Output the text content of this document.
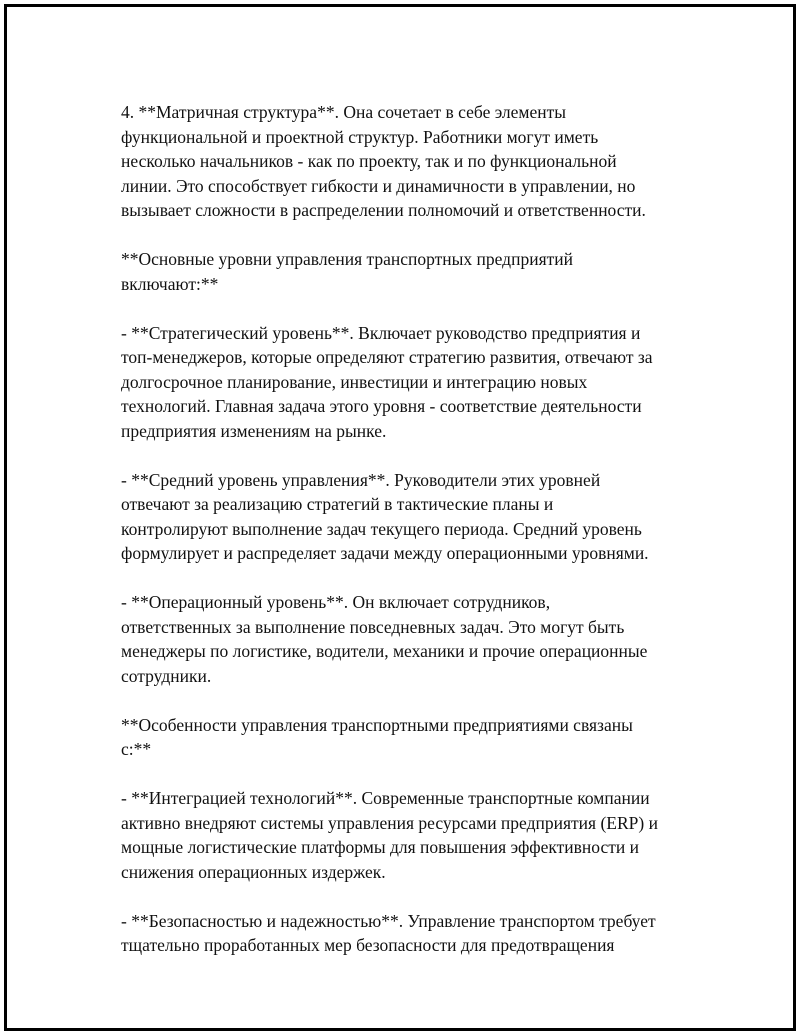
4. **Матричная структура**. Она сочетает в себе элементы
функциональной и проектной структур. Работники могут иметь
несколько начальников - как по проекту, так и по функциональной
линии. Это способствует гибкости и динамичности в управлении, но
вызывает сложности в распределении полномочий и ответственности.

**Основные уровни управления транспортных предприятий
включают:**

- **Стратегический уровень**. Включает руководство предприятия и
топ-менеджеров, которые определяют стратегию развития, отвечают за
долгосрочное планирование, инвестиции и интеграцию новых
технологий. Главная задача этого уровня - соответствие деятельности
предприятия изменениям на рынке.

- **Средний уровень управления**. Руководители этих уровней
отвечают за реализацию стратегий в тактические планы и
контролируют выполнение задач текущего периода. Средний уровень
формулирует и распределяет задачи между операционными уровнями.

- **Операционный уровень**. Он включает сотрудников,
ответственных за выполнение повседневных задач. Это могут быть
менеджеры по логистике, водители, механики и прочие операционные
сотрудники.

**Особенности управления транспортными предприятиями связаны
с:**

- **Интеграцией технологий**. Современные транспортные компании
активно внедряют системы управления ресурсами предприятия (ERP) и
мощные логистические платформы для повышения эффективности и
снижения операционных издержек.

- **Безопасностью и надежностью**. Управление транспортом требует
тщательно проработанных мер безопасности для предотвращения
